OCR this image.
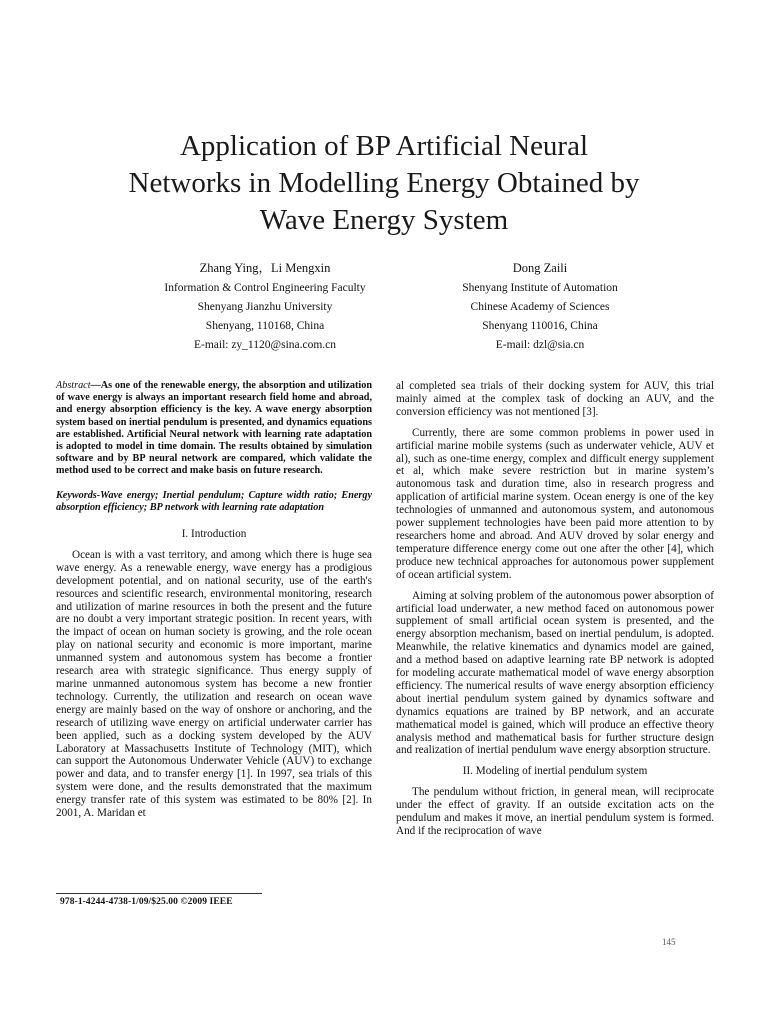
Application of BP Artificial Neural
Networks in Modelling Energy Obtained by
Wave Energy System
Zhang Ying，Li Mengxin
Information & Control Engineering Faculty
Shenyang Jianzhu University
Shenyang, 110168, China
E-mail: zy_1120@sina.com.cn
Dong Zaili
Shenyang Institute of Automation
Chinese Academy of Sciences
Shenyang 110016, China
E-mail: dzl@sia.cn

Abstract—As one of the renewable energy, the absorption and utilization of wave energy is always an important research field home and abroad, and energy absorption efficiency is the key. A wave energy absorption system based on inertial pendulum is presented, and dynamics equations are established. Artificial Neural network with learning rate adaptation is adopted to model in time domain. The results obtained by simulation software and by BP neural network are compared, which validate the method used to be correct and make basis on future research.

Keywords-Wave energy; Inertial pendulum; Capture width ratio; Energy absorption efficiency; BP network with learning rate adaptation

I. Introduction

Ocean is with a vast territory, and among which there is huge sea wave energy. As a renewable energy, wave energy has a prodigious development potential, and on national security, use of the earth's resources and scientific research, environmental monitoring, research and utilization of marine resources in both the present and the future are no doubt a very important strategic position. In recent years, with the impact of ocean on human society is growing, and the role ocean play on national security and economic is more important, marine unmanned system and autonomous system has become a frontier research area with strategic significance. Thus energy supply of marine unmanned autonomous system has become a new frontier technology. Currently, the utilization and research on ocean wave energy are mainly based on the way of onshore or anchoring, and the research of utilizing wave energy on artificial underwater carrier has been applied, such as a docking system developed by the AUV Laboratory at Massachusetts Institute of Technology (MIT), which can support the Autonomous Underwater Vehicle (AUV) to exchange power and data, and to transfer energy [1]. In 1997, sea trials of this system were done, and the results demonstrated that the maximum energy transfer rate of this system was estimated to be 80% [2]. In 2001, A. Maridan et

al completed sea trials of their docking system for AUV, this trial mainly aimed at the complex task of docking an AUV, and the conversion efficiency was not mentioned [3].

Currently, there are some common problems in power used in artificial marine mobile systems (such as underwater vehicle, AUV et al), such as one-time energy, complex and difficult energy supplement et al, which make severe restriction but in marine system’s autonomous task and duration time, also in research progress and application of artificial marine system. Ocean energy is one of the key technologies of unmanned and autonomous system, and autonomous power supplement technologies have been paid more attention to by researchers home and abroad. And AUV droved by solar energy and temperature difference energy come out one after the other [4], which produce new technical approaches for autonomous power supplement of ocean artificial system.

Aiming at solving problem of the autonomous power absorption of artificial load underwater, a new method faced on autonomous power supplement of small artificial ocean system is presented, and the energy absorption mechanism, based on inertial pendulum, is adopted. Meanwhile, the relative kinematics and dynamics model are gained, and a method based on adaptive learning rate BP network is adopted for modeling accurate mathematical model of wave energy absorption efficiency. The numerical results of wave energy absorption efficiency about inertial pendulum system gained by dynamics software and dynamics equations are trained by BP network, and an accurate mathematical model is gained, which will produce an effective theory analysis method and mathematical basis for further structure design and realization of inertial pendulum wave energy absorption structure.

II. Modeling of inertial pendulum system

The pendulum without friction, in general mean, will reciprocate under the effect of gravity. If an outside excitation acts on the pendulum and makes it move, an inertial pendulum system is formed. And if the reciprocation of wave

978-1-4244-4738-1/09/$25.00 ©2009 IEEE
145
